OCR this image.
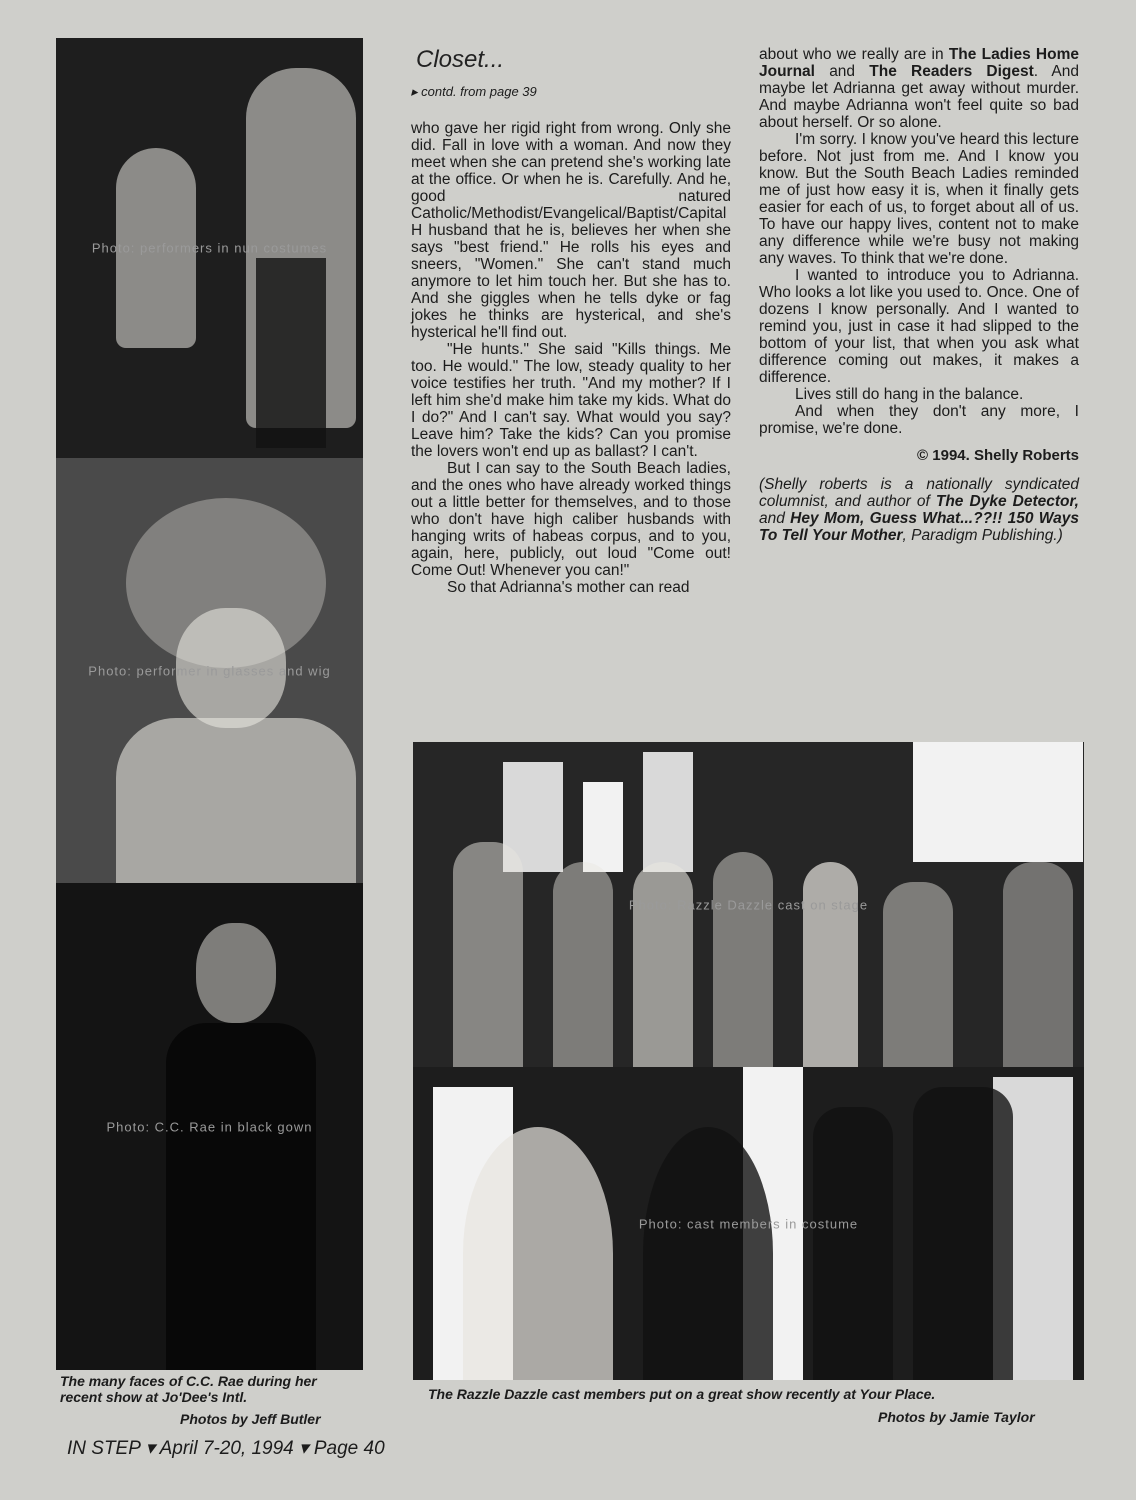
Photo: performers in nun costumes
Photo: performer in glasses and wig
Photo: C.C. Rae in black gown
Closet...
▸ contd. from page 39

who gave her rigid right from wrong. Only she did. Fall in love with a woman. And now they meet when she can pretend she's working late at the office. Or when he is. Carefully. And he, good natured Catholic/Methodist/Evangelical/Baptist/Capital H husband that he is, believes her when she says "best friend." He rolls his eyes and sneers, "Women." She can't stand much anymore to let him touch her. But she has to. And she giggles when he tells dyke or fag jokes he thinks are hysterical, and she's hysterical he'll find out.

"He hunts." She said "Kills things. Me too. He would." The low, steady quality to her voice testifies her truth. "And my mother? If I left him she'd make him take my kids. What do I do?" And I can't say. What would you say? Leave him? Take the kids? Can you promise the lovers won't end up as ballast? I can't.

But I can say to the South Beach ladies, and the ones who have already worked things out a little better for themselves, and to those who don't have high caliber husbands with hanging writs of habeas corpus, and to you, again, here, publicly, out loud "Come out! Come Out! Whenever you can!"

So that Adrianna's mother can read

about who we really are in The Ladies Home Journal and The Readers Digest. And maybe let Adrianna get away without murder. And maybe Adrianna won't feel quite so bad about herself. Or so alone.

I'm sorry. I know you've heard this lecture before. Not just from me. And I know you know. But the South Beach Ladies reminded me of just how easy it is, when it finally gets easier for each of us, to forget about all of us. To have our happy lives, content not to make any difference while we're busy not making any waves. To think that we're done.

I wanted to introduce you to Adrianna. Who looks a lot like you used to. Once. One of dozens I know personally. And I wanted to remind you, just in case it had slipped to the bottom of your list, that when you ask what difference coming out makes, it makes a difference.

Lives still do hang in the balance.

And when they don't any more, I promise, we're done.

© 1994. Shelly Roberts

(Shelly roberts is a nationally syndicated columnist, and author of The Dyke Detector, and Hey Mom, Guess What...??!! 150 Ways To Tell Your Mother, Paradigm Publishing.)

Photo: Razzle Dazzle cast on stage
Photo: cast members in costume
The many faces of C.C. Rae during her recent show at Jo'Dee's Intl.
Photos by Jeff Butler
The Razzle Dazzle cast members put on a great show recently at Your Place.
Photos by Jamie Taylor
IN STEP ▾ April 7-20, 1994 ▾ Page 40
